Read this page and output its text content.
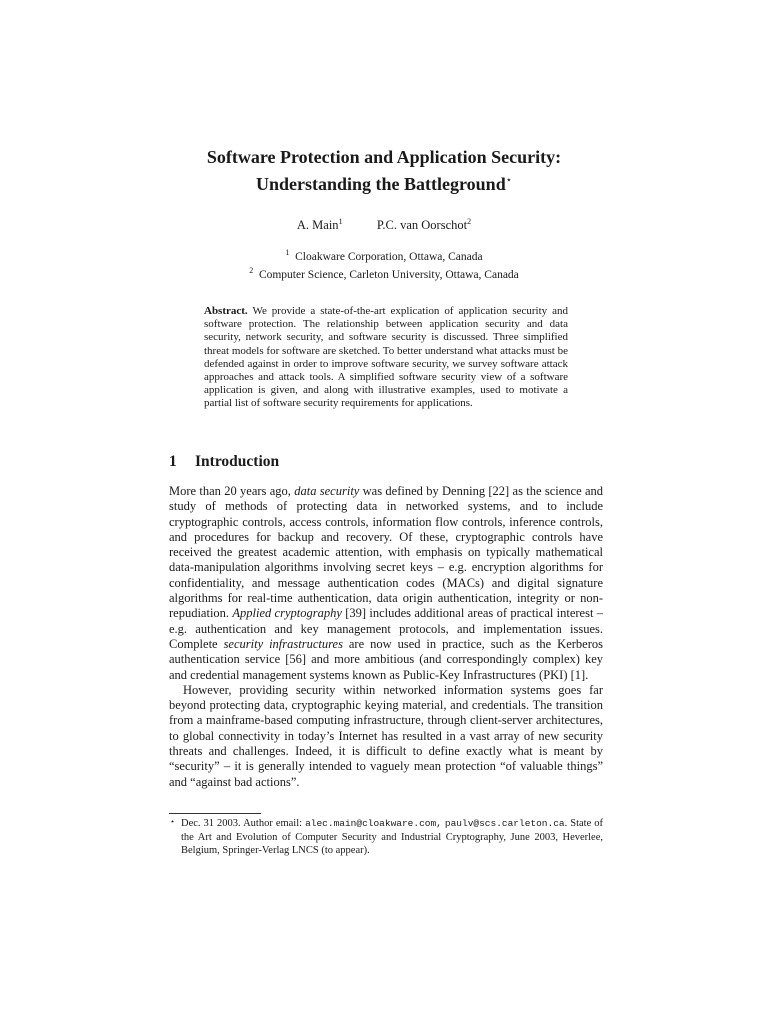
Software Protection and Application Security:
Understanding the Battleground⋆
A. Main$^1$	P.C. van Oorschot$^2$
$^1$ Cloakware Corporation, Ottawa, Canada
$^2$ Computer Science, Carleton University, Ottawa, Canada
Abstract. We provide a state-of-the-art explication of application security and software protection. The relationship between application security and data security, network security, and software security is discussed. Three simplified threat models for software are sketched. To better understand what attacks must be defended against in order to improve software security, we survey software attack approaches and attack tools. A simplified software security view of a software application is given, and along with illustrative examples, used to motivate a partial list of software security requirements for applications.
1 Introduction

More than 20 years ago, data security was defined by Denning [22] as the science and study of methods of protecting data in networked systems, and to include cryptographic controls, access controls, information flow controls, inference controls, and procedures for backup and recovery. Of these, cryptographic controls have received the greatest academic attention, with emphasis on typically mathematical data-manipulation algorithms involving secret keys – e.g. encryption algorithms for confidentiality, and message authentication codes (MACs) and digital signature algorithms for real-time authentication, data origin authentication, integrity or non-repudiation. Applied cryptography [39] includes additional areas of practical interest – e.g. authentication and key management protocols, and implementation issues. Complete security infrastructures are now used in practice, such as the Kerberos authentication service [56] and more ambitious (and correspondingly complex) key and credential management systems known as Public-Key Infrastructures (PKI) [1].

However, providing security within networked information systems goes far beyond protecting data, cryptographic keying material, and credentials. The transition from a mainframe-based computing infrastructure, through client-server architectures, to global connectivity in today’s Internet has resulted in a vast array of new security threats and challenges. Indeed, it is difficult to define exactly what is meant by “security” – it is generally intended to vaguely mean protection “of valuable things” and “against bad actions”.

⋆ Dec. 31 2003. Author email: alec.main@cloakware.com, paulv@scs.carleton.ca. State of the Art and Evolution of Computer Security and Industrial Cryptography, June 2003, Heverlee, Belgium, Springer-Verlag LNCS (to appear).
